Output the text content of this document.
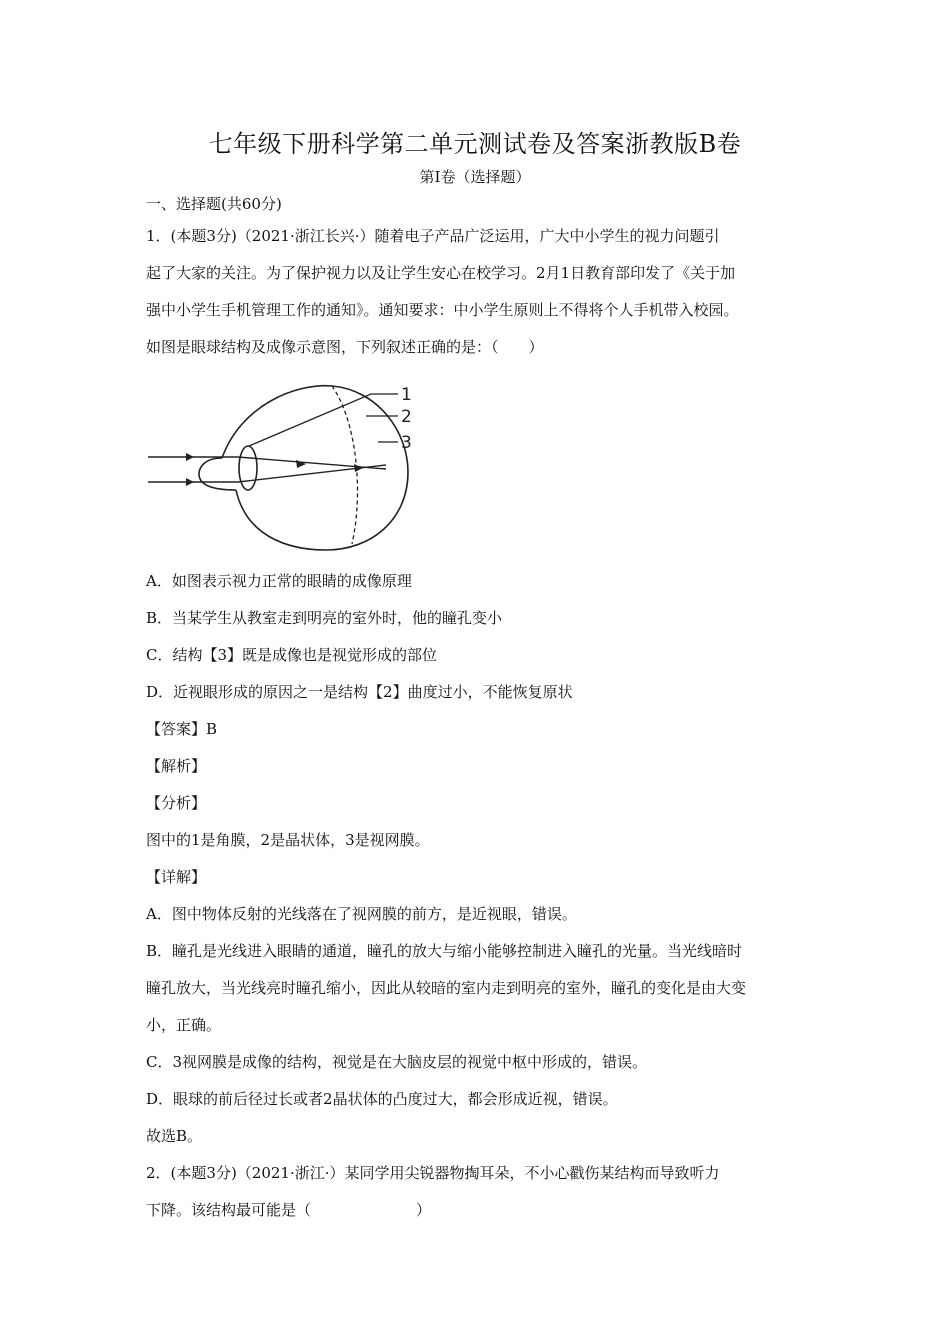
七年级下册科学第二单元测试卷及答案浙教版B卷
第I卷（选择题）
一、选择题(共60分)
1．(本题3分)（2021·浙江长兴·）随着电子产品广泛运用，广大中小学生的视力问题引
起了大家的关注。为了保护视力以及让学生安心在校学习。2月1日教育部印发了《关于加
强中小学生手机管理工作的通知》。通知要求：中小学生原则上不得将个人手机带入校园。
如图是眼球结构及成像示意图，下列叙述正确的是：（　　）
1
2
3
A．如图表示视力正常的眼睛的成像原理
B．当某学生从教室走到明亮的室外时，他的瞳孔变小
C．结构【3】既是成像也是视觉形成的部位
D．近视眼形成的原因之一是结构【2】曲度过小，不能恢复原状
【答案】B
【解析】
【分析】
图中的1是角膜，2是晶状体，3是视网膜。
【详解】
A．图中物体反射的光线落在了视网膜的前方，是近视眼，错误。
B．瞳孔是光线进入眼睛的通道，瞳孔的放大与缩小能够控制进入瞳孔的光量。当光线暗时
瞳孔放大，当光线亮时瞳孔缩小，因此从较暗的室内走到明亮的室外，瞳孔的变化是由大变
小，正确。
C．3视网膜是成像的结构，视觉是在大脑皮层的视觉中枢中形成的，错误。
D．眼球的前后径过长或者2晶状体的凸度过大，都会形成近视，错误。
故选B。
2．(本题3分)（2021·浙江·）某同学用尖锐器物掏耳朵，不小心戳伤某结构而导致听力
下降。该结构最可能是（　　　　　　　）
